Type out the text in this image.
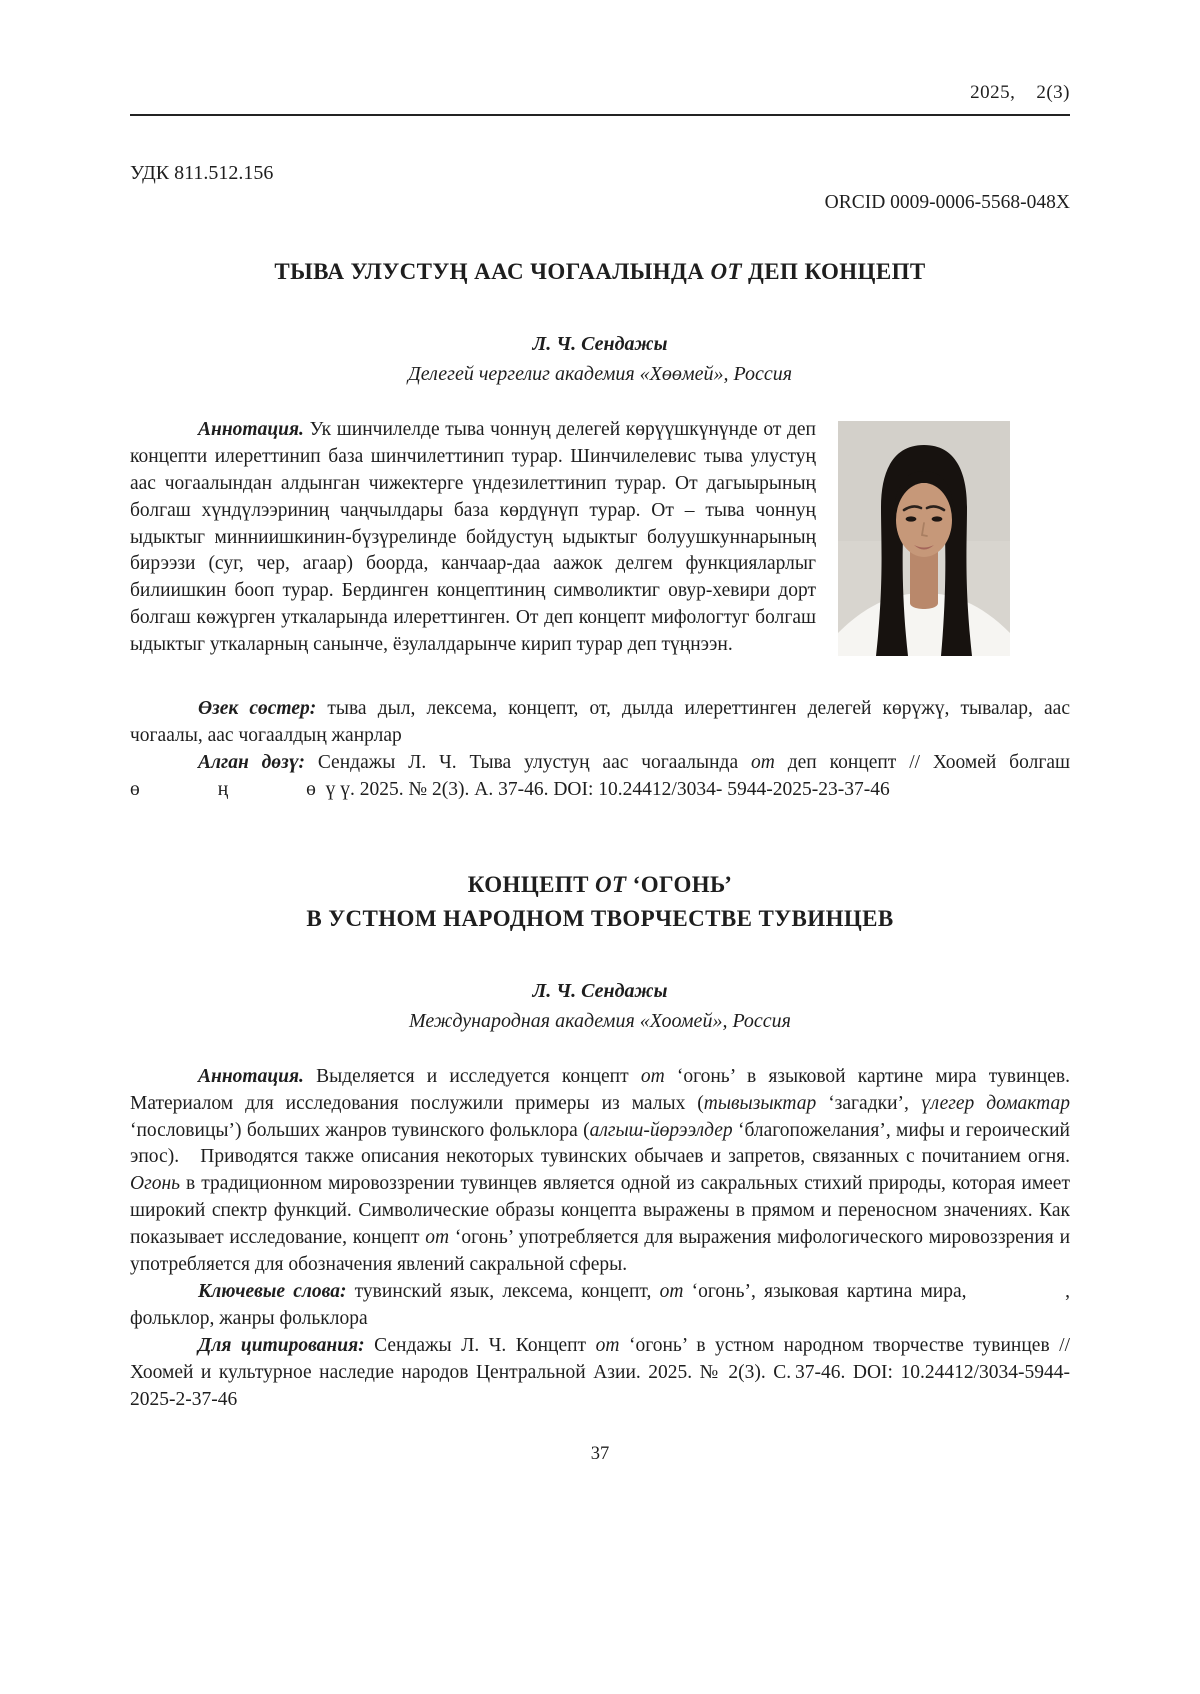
2025,    2(3)

УДК 811.512.156
ORCID 0009-0006-5568-048X
ТЫВА УЛУСТУҢ ААС ЧОГААЛЫНДА ОТ ДЕП КОНЦЕПТ
Л. Ч. Сендажы
Делегей чергелиг академия «Хөөмей», Россия

Аннотация. Ук шинчилелде тыва чоннуң делегей көрүүшкүнүнде от деп концепти илереттинип база шинчилеттинип турар. Шинчилелевис тыва улустуң аас чогаалындан алдынган чижектерге үндезилеттинип турар. От дагыырының болгаш хүндүлээриниң чаңчылдары база көрдүнүп турар. От – тыва чоннуң ыдыктыг минниишкинин-бүзүрелинде бойдустуң ыдыктыг болуушкуннарының бирээзи (суг, чер, агаар) боорда, канчаар-даа аажок делгем функцияларлыг билиишкин бооп турар. Бердинген концептиниң символиктиг овур-хевири дорт болгаш көжүрген уткаларында илереттинген. От деп концепт мифологтуг болгаш ыдыктыг уткаларның санынче, ёзулалдарынче кирип турар деп түңнээн.

Өзек сөстер: тыва дыл, лексема, концепт, от, дылда илереттинген делегей көрүжү, тывалар, аас чогаалы, аас чогаалдың жанрлар

Алган дөзү: Сендажы Л. Ч. Тыва улустуң аас чогаалында от деп концепт // Хоомей болгаш ө                ң                ө  ү ү. 2025. № 2(3). А. 37-46. DOI: 10.24412/3034- 5944-2025-23-37-46

КОНЦЕПТ ОТ ‘ОГОНЬ’
В УСТНОМ НАРОДНОМ ТВОРЧЕСТВЕ ТУВИНЦЕВ
Л. Ч. Сендажы
Международная академия «Хоомей», Россия

Аннотация. Выделяется и исследуется концепт от ‘огонь’ в языковой картине мира тувинцев. Материалом для исследования послужили примеры из малых (тывызыктар ‘загадки’, үлегер домактар ‘пословицы’) больших жанров тувинского фольклора (алгыш-йөрээлдер ‘благопожелания’, мифы и героический эпос).   Приводятся также описания некоторых тувинских обычаев и запретов, связанных с почитанием огня. Огонь в традиционном мировоззрении тувинцев является одной из сакральных стихий природы, которая имеет широкий спектр функций. Символические образы концепта выражены в прямом и переносном значениях. Как показывает исследование, концепт от ‘огонь’ употребляется для выражения мифологического мировоззрения и употребляется для обозначения явлений сакральной сферы.

Ключевые слова: тувинский язык, лексема, концепт, от ‘огонь’, языковая картина мира,            , фольклор, жанры фольклора

Для цитирования: Сендажы Л. Ч. Концепт от ‘огонь’ в устном народном творчестве тувинцев // Хоомей и культурное наследие народов Центральной Азии. 2025. № 2(3). С. 37-46. DOI: 10.24412/3034-5944-2025-2-37-46

37
